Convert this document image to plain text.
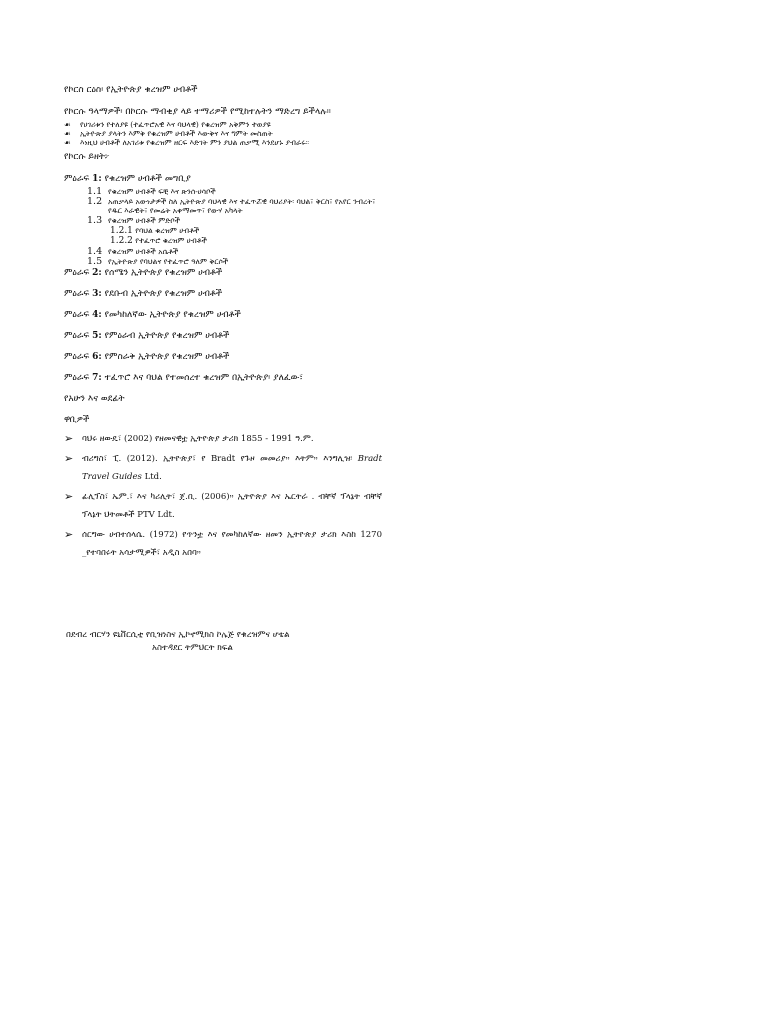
የኮርስ ርዕስ፡ የኢትዮጵያ ቁረዝም ሀብቶች

የኮርሱ ዓላማዎች፡ በኮርሱ ማብቂያ ላይ ተማሪዎች የሚከተሉትን ማድረግ ይችላሉ።

☙ የሀገሪቱን የተለያዩ (ተፈጥሮአዊ እና ባህላዊ) የቁረዝም አቅምን ተወያዩ
☙ ኢትዮጵያ ያላትን እምቅ የቁረዝም ሀብቶች እውቅና እና ግምት መስጠት
☙ እነዚህ ሀብቶች ለአገሪቱ የቁረዝም ዘርፍ እድገት ምን ያህል ጠቃሚ እንደሆኑ ያብራሩ።

የኮርሱ ይዘት፦

ምዕራፍ 1: የቁረዝም ሀብቶች መግቢያ

1.1 የቁረዝም ሀብቶች ፍቺ እና ጽንሰ-ሀሳቦች
1.2 አጠቃላይ አውነታዎች ስለ ኢትዮጵያ ባህላዊ እና ተፈጥሯዊ ባህሪያት፡ ባህል፣ ቅርስ፣ የአየር ንብረት፣ የዱር እራዊት፣ የመሬት አቀማመጥ፣ የውሃ አካላት
1.3 የቁረዝም ሀብቶች ምድቦች
1.2.1 የባህል ቁረዝም ሀብቶች
1.2.2 የተፈጥሮ ቁረዝም ሀብቶች
1.4 የቁረዝም ሀብቶች አሴቶች
1.5 የኢትዮጵያ የባህልና የተፈጥሮ ዓለም ቅርሶች

ምዕራፍ 2: የሰሜን ኢትዮጵያ የቁረዝም ሀብቶች

ምዕራፍ 3: የደቡብ ኢትዮጵያ የቁረዝም ሀብቶች

ምዕራፍ 4: የመካከለኛው ኢትዮጵያ የቁረዝም ሀብቶች

ምዕራፍ 5: የምዕራብ ኢትዮጵያ የቁረዝም ሀብቶች

ምዕራፍ 6: የምስራቅ ኢትዮጵያ የቁረዝም ሀብቶች

ምዕራፍ 7: ተፈጥሮ እና ባህል የተመሰረተ ቁረዝም በኢትዮጵያ፡ ያለፈው፣

የአሁን እና ወደፊት

ዋቢዎች

➢ ባህሩ ዘውዴ፣ (2002) የዘመናዊቷ ኢትዮጵያ ታሪክ 1855 - 1991 ዓ.ም.
➢ ብሪግስ፣ ፒ. (2012). ኢትዮጵያ፣ የ Bradt የጉዞ መመሪያ። እትም። እንግሊዝ፡ Bradt Travel Guides Ltd.
➢ ፊሊፕስ፣ ኤም.፣ እና ካሪሊት፣ ጀ.ቢ. (2006)። ኢትዮጵያ እና ኤርትራ . ብቸኛ ፕላኔት ብቸኛ ፕላኔት ህትመቶች PTV Ldt.
➢ ሰርግው ሀብተሰላሴ. (1972) የጥንቷ እና የመካከለኛው ዘመን ኢትዮጵያ ታሪክ እስከ 1270 _የተባበሩት አሳታሚዎች፣ አዲስ አበባ።
በደብረ ብርሃን ዩኒቨርሲቲ የቢዝነስና ኢኮኖሚክስ ኮሌጅ የቁረዝምና ሆቴል
አስተዳደር ትምህርት ክፍል
